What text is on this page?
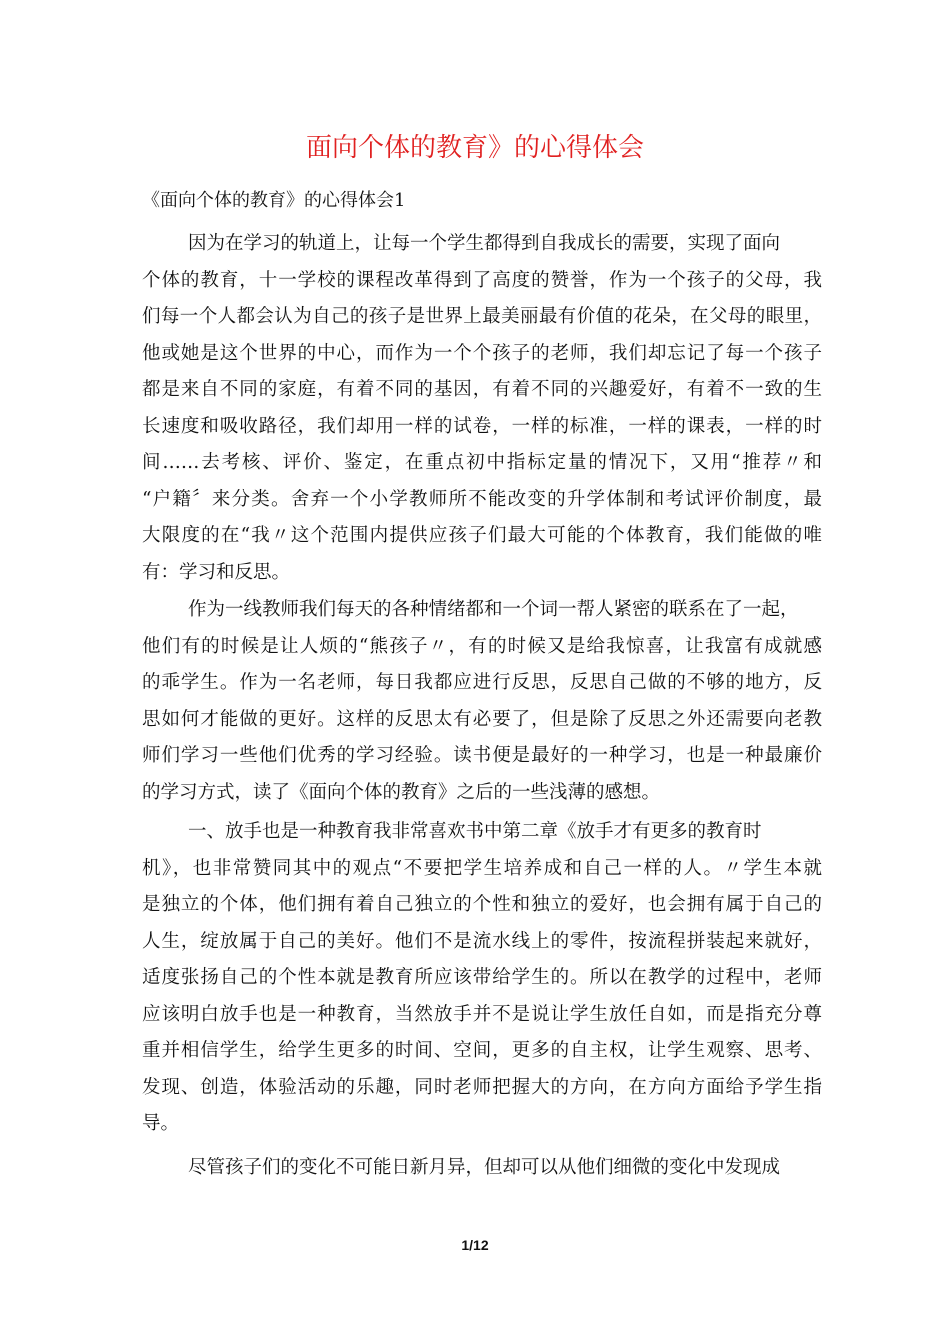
面向个体的教育》的心得体会
《面向个体的教育》的心得体会1
因为在学习的轨道上，让每一个学生都得到自我成长的需要，实现了面向
个体的教育，十一学校的课程改革得到了高度的赞誉，作为一个孩子的父母，我
们每一个人都会认为自己的孩子是世界上最美丽最有价值的花朵，在父母的眼里，
他或她是这个世界的中心，而作为一个个孩子的老师，我们却忘记了每一个孩子
都是来自不同的家庭，有着不同的基因，有着不同的兴趣爱好，有着不一致的生
长速度和吸收路径，我们却用一样的试卷，一样的标准，一样的课表，一样的时
间……去考核、评价、鉴定，在重点初中指标定量的情况下，又用“推荐〃和
“户籍〞来分类。舍弃一个小学教师所不能改变的升学体制和考试评价制度，最
大限度的在“我〃这个范围内提供应孩子们最大可能的个体教育，我们能做的唯
有：学习和反思。
作为一线教师我们每天的各种情绪都和一个词一帮人紧密的联系在了一起，
他们有的时候是让人烦的“熊孩子〃，有的时候又是给我惊喜，让我富有成就感
的乖学生。作为一名老师，每日我都应进行反思，反思自己做的不够的地方，反
思如何才能做的更好。这样的反思太有必要了，但是除了反思之外还需要向老教
师们学习一些他们优秀的学习经验。读书便是最好的一种学习，也是一种最廉价
的学习方式，读了《面向个体的教育》之后的一些浅薄的感想。
一、放手也是一种教育我非常喜欢书中第二章《放手才有更多的教育时
机》，也非常赞同其中的观点“不要把学生培养成和自己一样的人。〃学生本就
是独立的个体，他们拥有着自己独立的个性和独立的爱好，也会拥有属于自己的
人生，绽放属于自己的美好。他们不是流水线上的零件，按流程拼装起来就好，
适度张扬自己的个性本就是教育所应该带给学生的。所以在教学的过程中，老师
应该明白放手也是一种教育，当然放手并不是说让学生放任自如，而是指充分尊
重并相信学生，给学生更多的时间、空间，更多的自主权，让学生观察、思考、
发现、创造，体验活动的乐趣，同时老师把握大的方向，在方向方面给予学生指
导。
尽管孩子们的变化不可能日新月异，但却可以从他们细微的变化中发现成
1/12
